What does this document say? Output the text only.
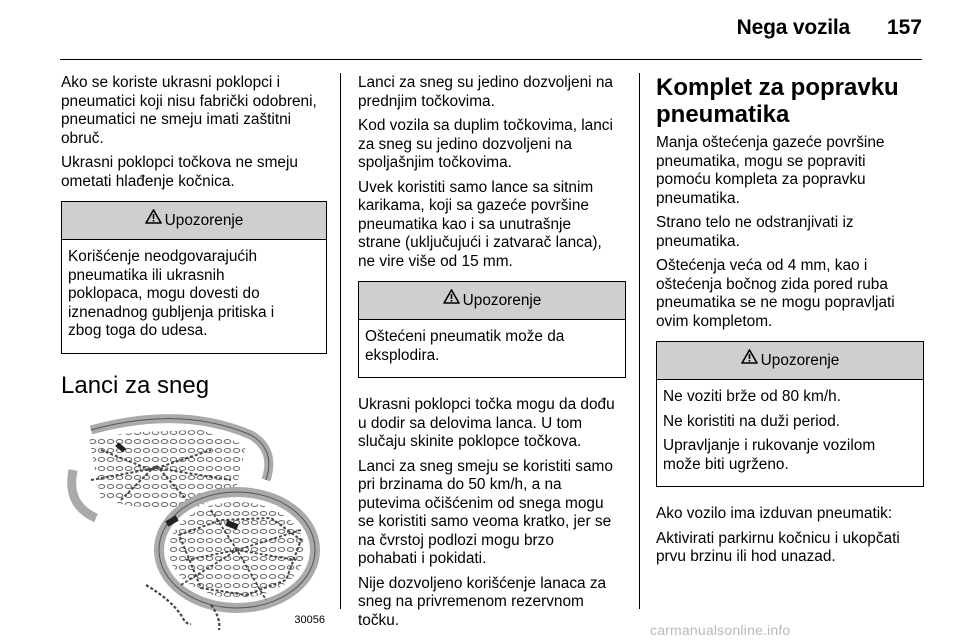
Nega vozila	157

Ako se koriste ukrasni poklopci i
pneumatici koji nisu fabrički odobreni,
pneumatici ne smeju imati zaštitni
obruč.

Ukrasni poklopci točkova ne smeju
ometati hlađenje kočnica.

Upozorenje

Korišćenje neodgovarajućih
pneumatika ili ukrasnih
poklopaca, mogu dovesti do
iznenadnog gubljenja pritiska i
zbog toga do udesa.

Lanci za sneg
30056

Lanci za sneg su jedino dozvoljeni na
prednjim točkovima.

Kod vozila sa duplim točkovima, lanci
za sneg su jedino dozvoljeni na
spoljašnjim točkovima.

Uvek koristiti samo lance sa sitnim
karikama, koji sa gazeće površine
pneumatika kao i sa unutrašnje
strane (uključujući i zatvarač lanca),
ne vire više od 15 mm.

Upozorenje

Oštećeni pneumatik može da
eksplodira.

Ukrasni poklopci točka mogu da dođu
u dodir sa delovima lanca. U tom
slučaju skinite poklopce točkova.

Lanci za sneg smeju se koristiti samo
pri brzinama do 50 km/h, a na
putevima očišćenim od snega mogu
se koristiti samo veoma kratko, jer se
na čvrstoj podlozi mogu brzo
pohabati i pokidati.

Nije dozvoljeno korišćenje lanaca za
sneg na privremenom rezervnom
točku.

Komplet za popravku
pneumatika

Manja oštećenja gazeće površine
pneumatika, mogu se popraviti
pomoću kompleta za popravku
pneumatika.

Strano telo ne odstranjivati iz
pneumatika.

Oštećenja veća od 4 mm, kao i
oštećenja bočnog zida pored ruba
pneumatika se ne mogu popravljati
ovim kompletom.

Upozorenje

Ne voziti brže od 80 km/h.

Ne koristiti na duži period.

Upravljanje i rukovanje vozilom
može biti ugrženo.

Ako vozilo ima izduvan pneumatik:

Aktivirati parkirnu kočnicu i ukopčati
prvu brzinu ili hod unazad.

carmanualsonline.info
